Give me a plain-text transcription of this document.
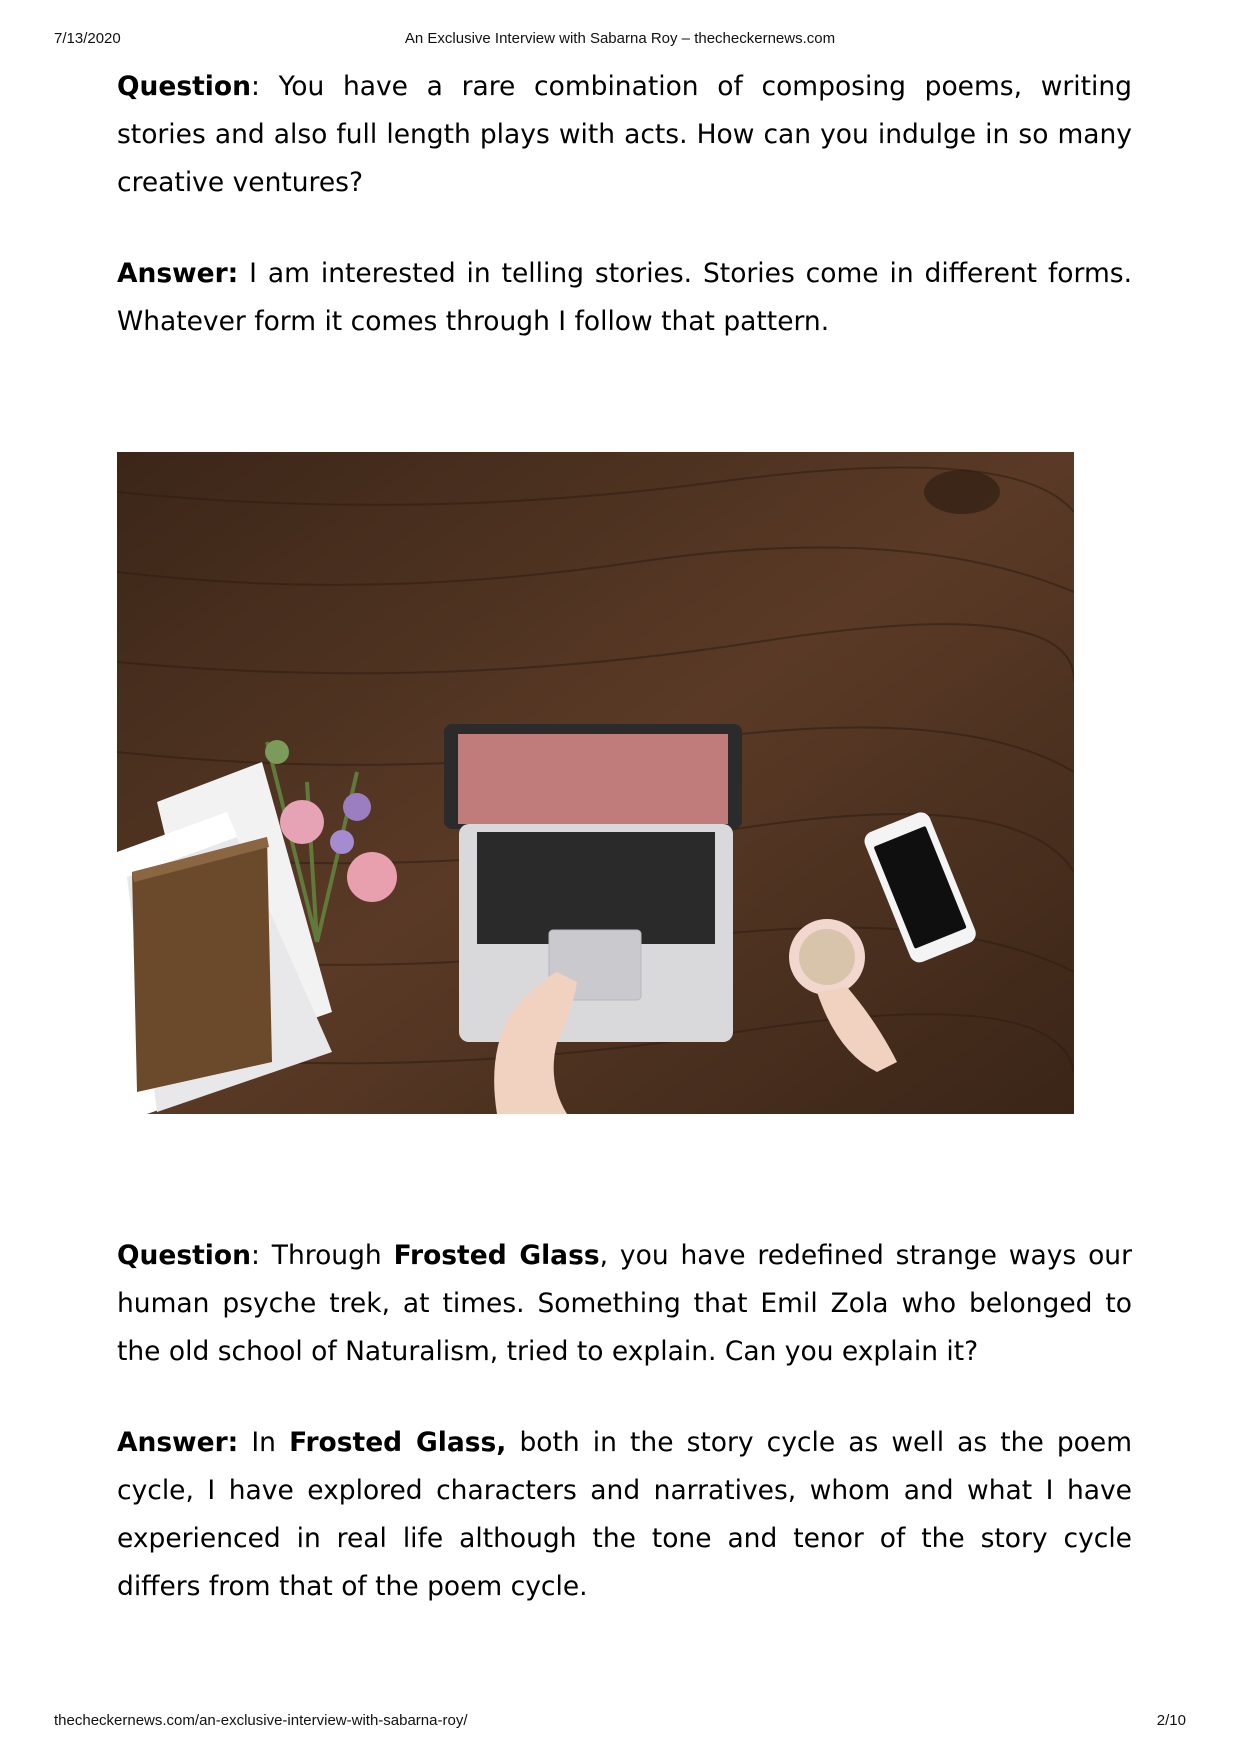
7/13/2020	An Exclusive Interview with Sabarna Roy – thecheckernews.com

Question: You have a rare combination of composing poems, writing stories and also full length plays with acts. How can you indulge in so many creative ventures?

Answer: I am interested in telling stories. Stories come in different forms. Whatever form it comes through I follow that pattern.

Question: Through Frosted Glass, you have redefined strange ways our human psyche trek, at times. Something that Emil Zola who belonged to the old school of Naturalism, tried to explain. Can you explain it?

Answer: In Frosted Glass, both in the story cycle as well as the poem cycle, I have explored characters and narratives, whom and what I have experienced in real life although the tone and tenor of the story cycle differs from that of the poem cycle.

thecheckernews.com/an-exclusive-interview-with-sabarna-roy/	2/10
